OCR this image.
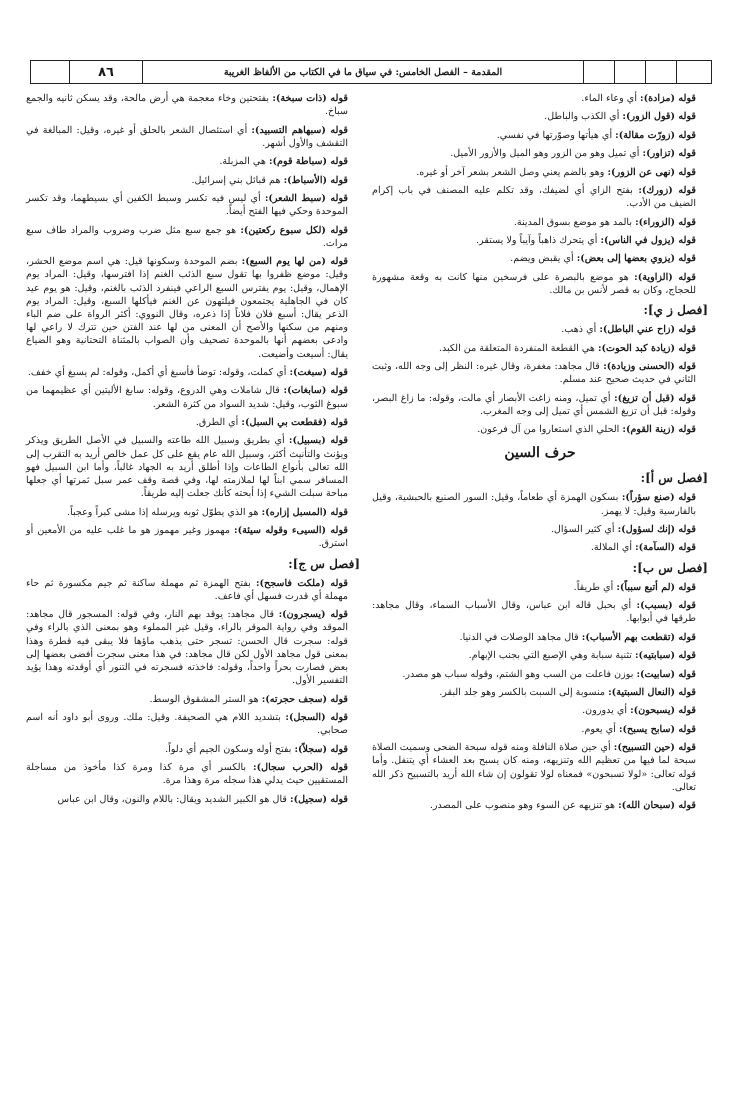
٨٦	المقدمة – الفصل الخامس: في سياق ما في الكتاب من الألفاظ الغريبة

قوله (مزادة): أي وعاء الماء.

قوله (قول الزور): أي الكذب والباطل.

قوله (زورّت مقالة): أي هيأتها وصوّرتها في نفسي.

قوله (تزاور): أي تميل وهو من الزور وهو الميل والأزور الأميل.

قوله (نهى عن الزور): وهو بالضم يعني وصل الشعر بشعر آخر أو غيره.

قوله (زورك): بفتح الزاي أي لضيفك، وقد تكلم عليه المصنف في باب إكرام الضيف من الأدب.

قوله (الزوراء): بالمد هو موضع بسوق المدينة.

قوله (يزول في الناس): أي يتحرك ذاهباً وآيباً ولا يستقر.

قوله (يزوي بعضها إلى بعض): أي يقبض ويضم.

قوله (الزاوية): هو موضع بالبصرة على فرسخين منها كانت به وقعة مشهورة للحجاج، وكان به قصر لأنس بن مالك.

[فصل ز ي]:

قوله (زاح عني الباطل): أي ذهب.

قوله (زيادة كبد الحوت): هي القطعة المنفردة المتعلقة من الكبد.

قوله (الحسنى وزيادة): قال مجاهد: مغفرة، وقال غيره: النظر إلى وجه الله، وثبت الثاني في حديث صحيح عند مسلم.

قوله (قبل أن تزيغ): أي تميل، ومنه زاغت الأبصار أي مالت، وقوله: ما زاغ البصر، وقوله: قبل أن تزيغ الشمس أي تميل إلى وجه المغرب.

قوله (زينة القوم): الحلي الذي استعاروا من آل فرعون.

حرف السين
[فصل س أ]:

قوله (صنع سؤراً): بسكون الهمزة أي طعاماً، وقيل: السور الصنيع بالحبشية، وقيل بالفارسية وقيل: لا يهمز.

قوله (إنك لسؤول): أي كثير السؤال.

قوله (السآمة): أي الملالة.

[فصل س ب]:

قوله (لم أتبع سبباً): أي طريقاً.

قوله (بسبب): أي بحبل قاله ابن عباس، وقال الأسباب السماء، وقال مجاهد: طرقها في أبوابها.

قوله (تقطعت بهم الأسباب): قال مجاهد الوصلات في الدنيا.

قوله (سبابتيه): تثنية سبابة وهي الإصبع التي بجنب الإبهام.

قوله (سابيت): بوزن فاعلت من السب وهو الشتم، وقوله سباب هو مصدر.

قوله (النعال السبتية): منسوبة إلى السبت بالكسر وهو جلد البقر.

قوله (يسبحون): أي يدورون.

قوله (سابح يسبح): أي يعوم.

قوله (حين التسبيح): أي حين صلاة النافلة ومنه قوله سبحة الضحى وسميت الصلاة سبحة لما فيها من تعظيم الله وتنزيهه، ومنه كان يسبح بعد العشاء أي يتنفل. وأما قوله تعالى: «لولا تسبحون» فمعناه لولا تقولون إن شاء الله أريد بالتسبيح ذكر الله تعالى.

قوله (سبحان الله): هو تنزيهه عن السوء وهو منصوب على المصدر.

قوله (ذات سبخة): بفتحتين وخاء معجمة هي أرض مالحة، وقد يسكن ثانيه والجمع سباخ.

قوله (سبهاهم التسبيد): أي استئصال الشعر بالحلق أو غيره، وقيل: المبالغة في التقشف والأول أشهر.

قوله (سباطة قوم): هي المزبلة.

قوله (الأسباط): هم قبائل بني إسرائيل.

قوله (سبط الشعر): أي ليس فيه تكسر وسبط الكفين أي بسيطهما، وقد تكسر الموحدة وحكي فيها الفتح أيضاً.

قوله (لكل سبوع ركعتين): هو جمع سبع مثل ضرب وضروب والمراد طاف سبع مرات.

قوله (من لها يوم السبع): بضم الموحدة وسكونها قيل: هي اسم موضع الحشر، وقيل: موضع ظفروا بها تقول سبع الذئب الغنم إذا افترسها، وقيل: المراد يوم الإهمال، وقيل: يوم يفترس السبع الراعي فينفرد الذئب بالغنم، وقيل: هو يوم عيد كان في الجاهلية يجتمعون فيلتهون عن الغنم فيأكلها السبع، وقيل: المراد يوم الذعر يقال: أسبع فلان فلاناً إذا ذعره، وقال النووي: أكثر الرواة على ضم الباء ومنهم من سكنها والأصح أن المعنى من لها عند الفتن حين تترك لا راعي لها وادعى بعضهم أنها بالموحدة تصحيف وأن الصواب بالمثناة التحتانية وهو الضياع يقال: أسيعت وأضيعت.

قوله (سبغت): أي كملت، وقوله: توضأ فأسبغ أي أكمل، وقوله: لم يسبغ أي خفف.

قوله (سابغات): قال شاملات وهي الدروع، وقوله: سابغ الأليتين أي عظيمهما من سبوغ الثوب، وقيل: شديد السواد من كثرة الشعر.

قوله (فقطعت بي السبل): أي الطرق.

قوله (بسبيل): أي بطريق وسبيل الله طاعته والسبيل في الأصل الطريق ويذكر ويؤنث والتأنيث أكثر، وسبيل الله عام يقع على كل عمل خالص أريد به التقرب إلى الله تعالى بأنواع الطاعات وإذا أطلق أريد به الجهاد غالباً، وأما ابن السبيل فهو المسافر سمي ابناً لها لملازمته لها، وفي قصة وقف عمر سبل ثمرتها أي جعلها مباحة سبلت الشيء إذا أبحته كأنك جعلت إليه طريقاً.

قوله (المسبل إزاره): هو الذي يطوّل ثوبه ويرسله إذا مشى كبراً وعجباً.

قوله (السيىء وقوله سيئة): مهموز وغير مهموز هو ما غلب عليه من الأمعين أو استرق.

[فصل س ج]:

قوله (ملكت فاسجح): بفتح الهمزة ثم مهملة ساكنة ثم جيم مكسورة ثم حاء مهملة أي قدرت فسهل أي فاعف.

قوله (يسجرون): قال مجاهد: يوقد بهم النار، وفي قوله: المسجور قال مجاهد: الموقد وفي رواية الموقر بالراء، وقيل غير المملوء وهو بمعنى الذي بالراء وفي قوله: سجرت قال الحسن: تسجر حتى يذهب ماؤها فلا يبقى فيه قطرة وهذا بمعنى قول مجاهد الأول لكن قال مجاهد: في هذا معنى سجرت أفضى بعضها إلى بعض فصارت بحراً واحداً، وقوله: فاخذته فسجرته في التنور أي أوقدته وهذا يؤيد التفسير الأول.

قوله (سجف حجرته): هو الستر المشقوق الوسط.

قوله (السجل): بتشديد اللام هي الصحيفة. وقيل: ملك. وروى أبو داود أنه اسم صحابي.

قوله (سجلاً): بفتح أوله وسكون الجيم أي دلواً.

قوله (الحرب سجال): بالكسر أي مرة كذا ومرة كذا مأخوذ من مساجلة المستقيين حيث يدلي هذا سجله مرة وهذا مرة.

قوله (سجيل): قال هو الكبير الشديد ويقال: باللام والنون، وقال ابن عباس
